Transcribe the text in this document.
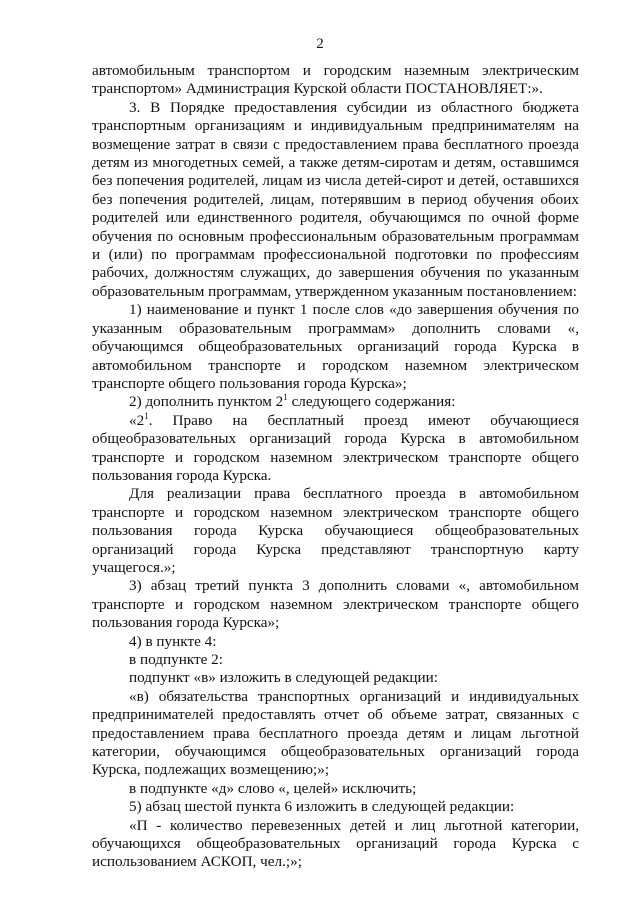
2

автомобильным транспортом и городским наземным электрическим транспортом» Администрация Курской области ПОСТАНОВЛЯЕТ:».

3. В Порядке предоставления субсидии из областного бюджета транспортным организациям и индивидуальным предпринимателям на возмещение затрат в связи с предоставлением права бесплатного проезда детям из многодетных семей, а также детям-сиротам и детям, оставшимся без попечения родителей, лицам из числа детей-сирот и детей, оставшихся без попечения родителей, лицам, потерявшим в период обучения обоих родителей или единственного родителя, обучающимся по очной форме обучения по основным профессиональным образовательным программам и (или) по программам профессиональной подготовки по профессиям рабочих, должностям служащих, до завершения обучения по указанным образовательным программам, утвержденном указанным постановлением:

1) наименование и пункт 1 после слов «до завершения обучения по указанным образовательным программам» дополнить словами «, обучающимся общеобразовательных организаций города Курска в автомобильном транспорте и городском наземном электрическом транспорте общего пользования города Курска»;

2) дополнить пунктом $2^1$ следующего содержания:

«$2^1$. Право на бесплатный проезд имеют обучающиеся общеобразовательных организаций города Курска в автомобильном транспорте и городском наземном электрическом транспорте общего пользования города Курска.

Для реализации права бесплатного проезда в автомобильном транспорте и городском наземном электрическом транспорте общего пользования города Курска обучающиеся общеобразовательных организаций города Курска представляют транспортную карту учащегося.»;

3) абзац третий пункта 3 дополнить словами «, автомобильном транспорте и городском наземном электрическом транспорте общего пользования города Курска»;

4) в пункте 4:

в подпункте 2:

подпункт «в» изложить в следующей редакции:

«в) обязательства транспортных организаций и индивидуальных предпринимателей предоставлять отчет об объеме затрат, связанных с предоставлением права бесплатного проезда детям и лицам льготной категории, обучающимся общеобразовательных организаций города Курска, подлежащих возмещению;»;

в подпункте «д» слово «, целей» исключить;

5) абзац шестой пункта 6 изложить в следующей редакции:

«П - количество перевезенных детей и лиц льготной категории, обучающихся общеобразовательных организаций города Курска с использованием АСКОП, чел.;»;
